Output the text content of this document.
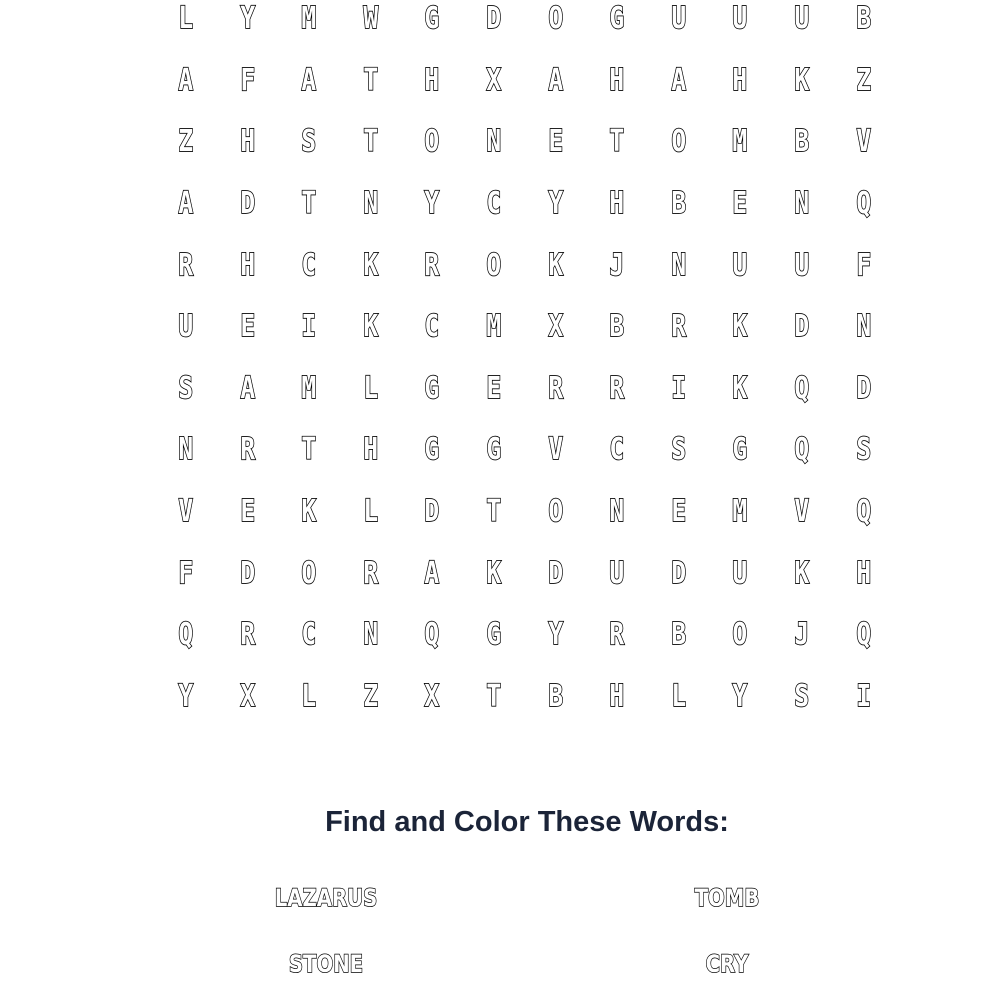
L	Y	M	W	G	D	O	G	U	U	U	B
A	F	A	T	H	X	A	H	A	H	K	Z
Z	H	S	T	O	N	E	T	O	M	B	V
A	D	T	N	Y	C	Y	H	B	E	N	Q
R	H	C	K	R	O	K	J	N	U	U	F
U	E	I	K	C	M	X	B	R	K	D	N
S	A	M	L	G	E	R	R	I	K	Q	D
N	R	T	H	G	G	V	C	S	G	Q	S
V	E	K	L	D	T	O	N	E	M	V	Q
F	D	O	R	A	K	D	U	D	U	K	H
Q	R	C	N	Q	G	Y	R	B	O	J	Q
Y	X	L	Z	X	T	B	H	L	Y	S	I
Find and Color These Words:
LAZARUS	TOMB
STONE	CRY
